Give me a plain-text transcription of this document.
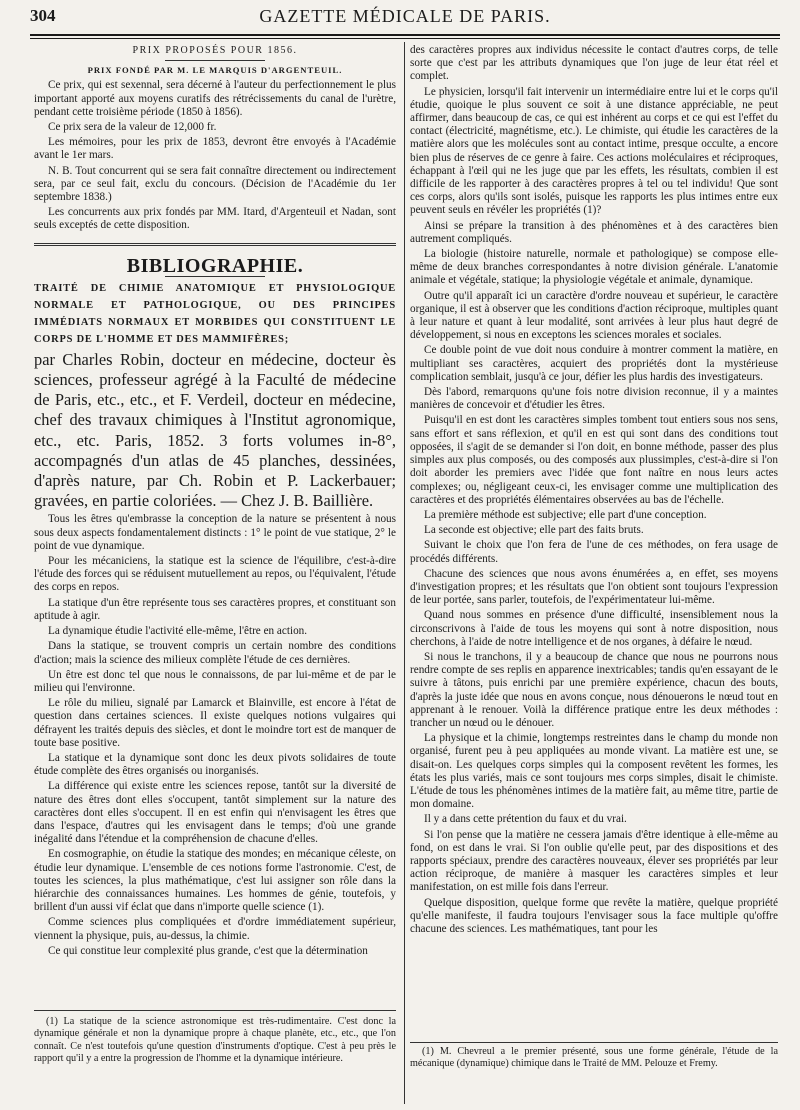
304	GAZETTE MÉDICALE DE PARIS.

PRIX PROPOSÉS POUR 1856.

PRIX FONDÉ PAR M. LE MARQUIS D'ARGENTEUIL.

Ce prix, qui est sexennal, sera décerné à l'auteur du perfectionnement le plus important apporté aux moyens curatifs des rétrécissements du canal de l'urètre, pendant cette troisième période (1850 à 1856).

Ce prix sera de la valeur de 12,000 fr.

Les mémoires, pour les prix de 1853, devront être envoyés à l'Académie avant le 1er mars.

N. B. Tout concurrent qui se sera fait connaître directement ou indirectement sera, par ce seul fait, exclu du concours. (Décision de l'Académie du 1er septembre 1838.)

Les concurrents aux prix fondés par MM. Itard, d'Argenteuil et Nadan, sont seuls exceptés de cette disposition.

BIBLIOGRAPHIE.

TRAITÉ DE CHIMIE ANATOMIQUE ET PHYSIOLOGIQUE NORMALE ET PATHOLOGIQUE, OU DES PRINCIPES IMMÉDIATS NORMAUX ET MORBIDES QUI CONSTITUENT LE CORPS DE L'HOMME ET DES MAMMIFÈRES;

par Charles Robin, docteur en médecine, docteur ès sciences, professeur agrégé à la Faculté de médecine de Paris, etc., etc., et F. Verdeil, docteur en médecine, chef des travaux chimiques à l'Institut agronomique, etc., etc. Paris, 1852. 3 forts volumes in-8°, accompagnés d'un atlas de 45 planches, dessinées, d'après nature, par Ch. Robin et P. Lackerbauer; gravées, en partie coloriées. — Chez J. B. Baillière.

Tous les êtres qu'embrasse la conception de la nature se présentent à nous sous deux aspects fondamentalement distincts : 1° le point de vue statique, 2° le point de vue dynamique.

Pour les mécaniciens, la statique est la science de l'équilibre, c'est-à-dire l'étude des forces qui se réduisent mutuellement au repos, ou l'équivalent, l'étude des corps en repos.

La statique d'un être représente tous ses caractères propres, et constituant son aptitude à agir.

La dynamique étudie l'activité elle-même, l'être en action.

Dans la statique, se trouvent compris un certain nombre des conditions d'action; mais la science des milieux complète l'étude de ces dernières.

Un être est donc tel que nous le connaissons, de par lui-même et de par le milieu qui l'environne.

Le rôle du milieu, signalé par Lamarck et Blainville, est encore à l'état de question dans certaines sciences. Il existe quelques notions vulgaires qui défrayent les traités depuis des siècles, et dont le moindre tort est de manquer de toute base positive.

La statique et la dynamique sont donc les deux pivots solidaires de toute étude complète des êtres organisés ou inorganisés.

La différence qui existe entre les sciences repose, tantôt sur la diversité de nature des êtres dont elles s'occupent, tantôt simplement sur la nature des caractères dont elles s'occupent. Il en est enfin qui n'envisagent les êtres que dans l'espace, d'autres qui les envisagent dans le temps; d'où une grande inégalité dans l'étendue et la compréhension de chacune d'elles.

En cosmographie, on étudie la statique des mondes; en mécanique céleste, on étudie leur dynamique. L'ensemble de ces notions forme l'astronomie. C'est, de toutes les sciences, la plus mathématique, c'est lui assigner son rôle dans la hiérarchie des connaissances humaines. Les hommes de génie, toutefois, y brillent d'un aussi vif éclat que dans n'importe quelle science (1).

Comme sciences plus compliquées et d'ordre immédiatement supérieur, viennent la physique, puis, au-dessus, la chimie.

Ce qui constitue leur complexité plus grande, c'est que la détermination

(1) La statique de la science astronomique est très-rudimentaire. C'est donc la dynamique générale et non la dynamique propre à chaque planète, etc., etc., que l'on connaît. Ce n'est toutefois qu'une question d'instruments d'optique. C'est à peu près le rapport qu'il y a entre la progression de l'homme et la dynamique intérieure.

des caractères propres aux individus nécessite le contact d'autres corps, de telle sorte que c'est par les attributs dynamiques que l'on juge de leur état réel et complet.

Le physicien, lorsqu'il fait intervenir un intermédiaire entre lui et le corps qu'il étudie, quoique le plus souvent ce soit à une distance appréciable, ne peut affirmer, dans beaucoup de cas, ce qui est inhérent au corps et ce qui est l'effet du contact (électricité, magnétisme, etc.). Le chimiste, qui étudie les caractères de la matière alors que les molécules sont au contact intime, presque occulte, a encore bien plus de réserves de ce genre à faire. Ces actions moléculaires et réciproques, échappant à l'œil qui ne les juge que par les effets, les résultats, combien il est difficile de les rapporter à des caractères propres à tel ou tel individu! Que sont ces corps, alors qu'ils sont isolés, puisque les rapports les plus intimes entre eux peuvent seuls en révéler les propriétés (1)?

Ainsi se prépare la transition à des phénomènes et à des caractères bien autrement compliqués.

La biologie (histoire naturelle, normale et pathologique) se compose elle-même de deux branches correspondantes à notre division générale. L'anatomie animale et végétale, statique; la physiologie végétale et animale, dynamique.

Outre qu'il apparaît ici un caractère d'ordre nouveau et supérieur, le caractère organique, il est à observer que les conditions d'action réciproque, multiples quant à leur nature et quant à leur modalité, sont arrivées à leur plus haut degré de développement, si nous en exceptons les sciences morales et sociales.

Ce double point de vue doit nous conduire à montrer comment la matière, en multipliant ses caractères, acquiert des propriétés dont la mystérieuse complication semblait, jusqu'à ce jour, défier les plus hardis des investigateurs.

Dès l'abord, remarquons qu'une fois notre division reconnue, il y a maintes manières de concevoir et d'étudier les êtres.

Puisqu'il en est dont les caractères simples tombent tout entiers sous nos sens, sans effort et sans réflexion, et qu'il en est qui sont dans des conditions tout opposées, il s'agit de se demander si l'on doit, en bonne méthode, passer des plus simples aux plus composés, ou des composés aux plussimples, c'est-à-dire si l'on doit aborder les premiers avec l'idée que font naître en nous leurs actes complexes; ou, négligeant ceux-ci, les envisager comme une multiplication des caractères et des propriétés élémentaires observées au bas de l'échelle.

La première méthode est subjective; elle part d'une conception.

La seconde est objective; elle part des faits bruts.

Suivant le choix que l'on fera de l'une de ces méthodes, on fera usage de procédés différents.

Chacune des sciences que nous avons énumérées a, en effet, ses moyens d'investigation propres; et les résultats que l'on obtient sont toujours l'expression de leur portée, sans parler, toutefois, de l'expérimentateur lui-même.

Quand nous sommes en présence d'une difficulté, insensiblement nous la circonscrivons à l'aide de tous les moyens qui sont à notre disposition, nous cherchons, à l'aide de notre intelligence et de nos organes, à défaire le nœud.

Si nous le tranchons, il y a beaucoup de chance que nous ne pourrons nous rendre compte de ses replis en apparence inextricables; tandis qu'en essayant de le suivre à tâtons, puis enrichi par une première expérience, chacun des bouts, d'après la juste idée que nous en avons conçue, nous dénouerons le nœud tout en apprenant à le renouer. Voilà la différence pratique entre les deux méthodes : trancher un nœud ou le dénouer.

La physique et la chimie, longtemps restreintes dans le champ du monde non organisé, furent peu à peu appliquées au monde vivant. La matière est une, se disait-on. Les quelques corps simples qui la composent revêtent les formes, les états les plus variés, mais ce sont toujours mes corps simples, disait le chimiste. L'étude de tous les phénomènes intimes de la matière fait, au même titre, partie de mon domaine.

Il y a dans cette prétention du faux et du vrai.

Si l'on pense que la matière ne cessera jamais d'être identique à elle-même au fond, on est dans le vrai. Si l'on oublie qu'elle peut, par des dispositions et des rapports spéciaux, prendre des caractères nouveaux, élever ses propriétés par leur action réciproque, de manière à masquer les caractères simples et leur manifestation, on est mille fois dans l'erreur.

Quelque disposition, quelque forme que revête la matière, quelque propriété qu'elle manifeste, il faudra toujours l'envisager sous la face multiple qu'offre chacune des sciences. Les mathématiques, tant pour les

(1) M. Chevreul a le premier présenté, sous une forme générale, l'étude de la mécanique (dynamique) chimique dans le Traité de MM. Pelouze et Fremy.
